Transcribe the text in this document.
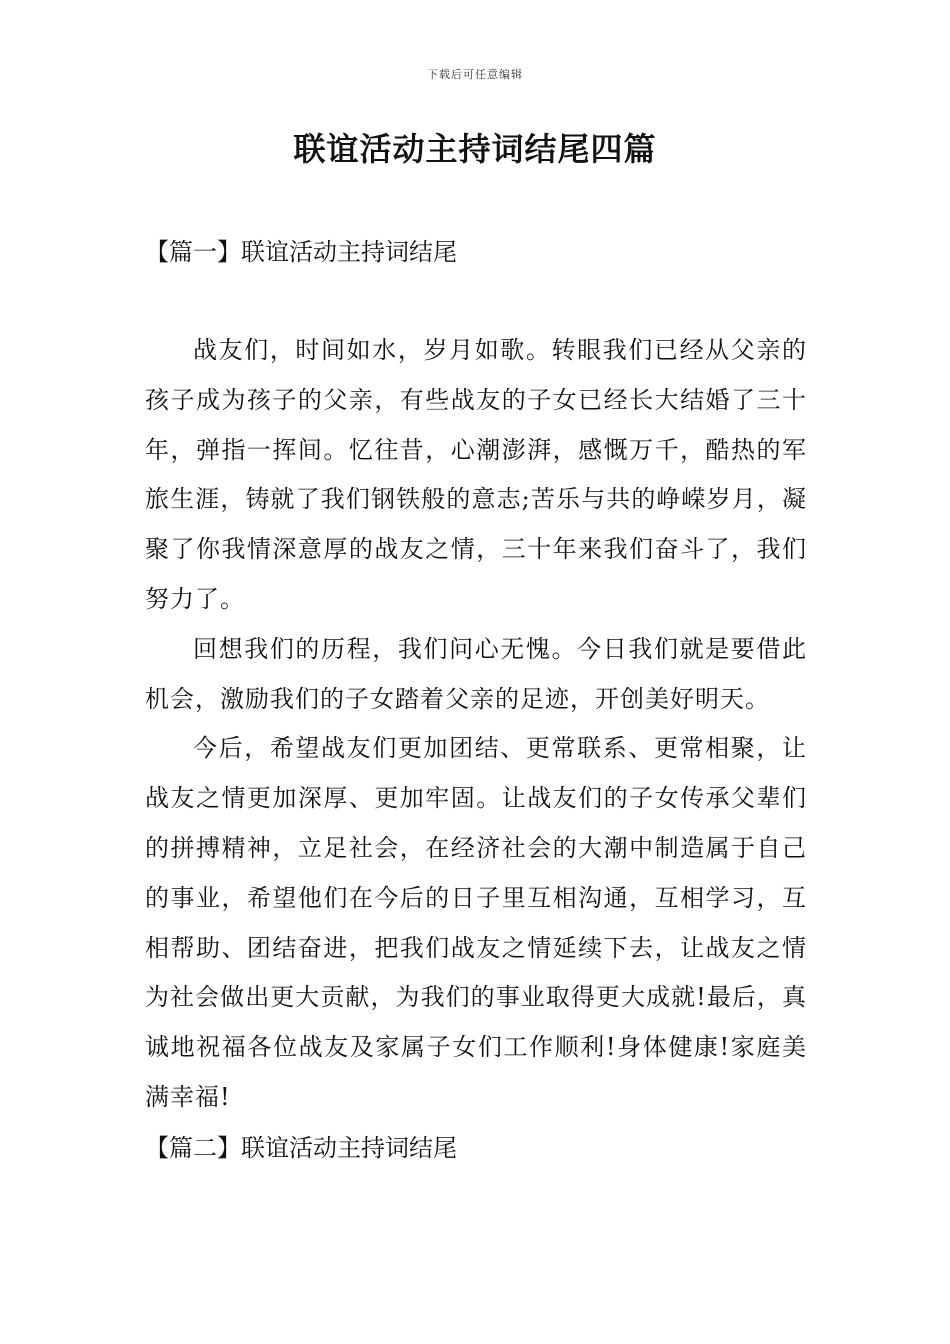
下载后可任意编辑
联谊活动主持词结尾四篇
【篇一】联谊活动主持词结尾

战友们，时间如水，岁月如歌。转眼我们已经从父亲的孩子成为孩子的父亲，有些战友的子女已经长大结婚了三十年，弹指一挥间。忆往昔，心潮澎湃，感慨万千，酷热的军旅生涯，铸就了我们钢铁般的意志;苦乐与共的峥嵘岁月，凝聚了你我情深意厚的战友之情，三十年来我们奋斗了，我们努力了。

回想我们的历程，我们问心无愧。今日我们就是要借此机会，激励我们的子女踏着父亲的足迹，开创美好明天。

今后，希望战友们更加团结、更常联系、更常相聚，让战友之情更加深厚、更加牢固。让战友们的子女传承父辈们的拼搏精神，立足社会，在经济社会的大潮中制造属于自己的事业，希望他们在今后的日子里互相沟通，互相学习，互相帮助、团结奋进，把我们战友之情延续下去，让战友之情为社会做出更大贡献，为我们的事业取得更大成就!最后，真诚地祝福各位战友及家属子女们工作顺利!身体健康!家庭美满幸福!

【篇二】联谊活动主持词结尾
